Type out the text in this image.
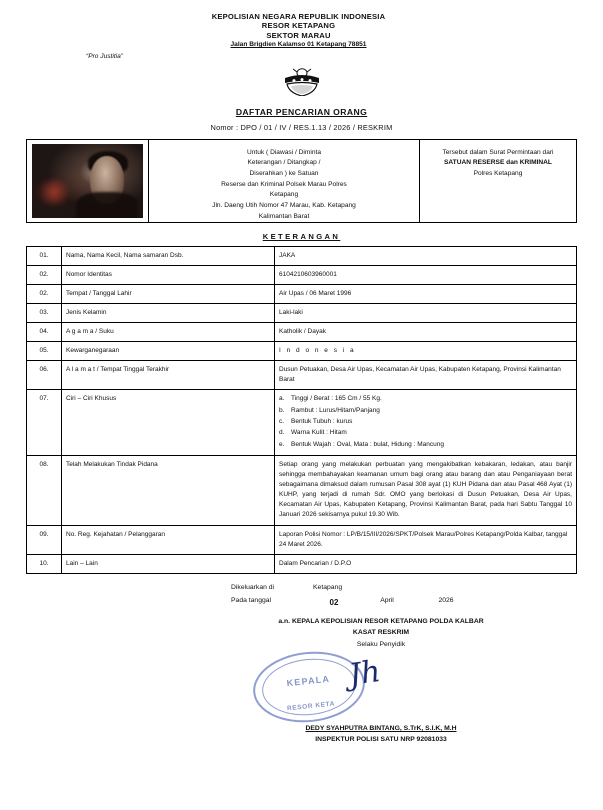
KEPOLISIAN NEGARA REPUBLIK INDONESIA
RESOR KETAPANG
SEKTOR MARAU
Jalan Brigdien Kalamso 01 Ketapang 78851
“Pro Justitia”
DAFTAR PENCARIAN ORANG
Nomor : DPO / 01 / IV / RES.1.13 / 2026 / RESKRIM
Untuk ( Diawasi / Diminta
Keterangan / Ditangkap /
Diserahkan ) ke Satuan
Reserse dan Kriminal Polsek Marau Polres
Ketapang
Jln. Daeng Utih Nomor 47 Marau, Kab. Ketapang
Kalimantan Barat
Tersebut dalam Surat Permintaan dari
SATUAN RESERSE dan KRIMINAL
Polres Ketapang
KETERANGAN
01.	Nama, Nama Kecil, Nama samaran Dsb.	JAKA
02.	Nomor Identitas	6104210603960001
02.	Tempat / Tanggal Lahir	Air Upas / 06 Maret 1996
03.	Jenis Kelamin	Laki-laki
04.	A g a m a / Suku	Katholik / Dayak
05.	Kewarganegaraan	I n d o n e s i a
06.	A l a m a t / Tempat Tinggal Terakhir	Dusun Petuakan, Desa Air Upas, Kecamatan Air Upas, Kabupaten Ketapang, Provinsi Kalimantan Barat
07.	Ciri – Ciri Khusus		a.	Tinggi / Berat : 165 Cm / 55 Kg.
b.	Rambut : Lurus/Hitam/Panjang
c.	Bentuk Tubuh : kurus
d.	Warna Kulit : Hitam
e.	Bentuk Wajah : Oval, Mata : bulat, Hidung : Mancung

08.	Telah Melakukan Tindak Pidana	Setiap orang yang melakukan perbuatan yang mengakibatkan kebakaran, ledakan, atau banjir sehingga membahayakan keamanan umum bagi orang atau barang dan atau Penganiayaan berat sebagaimana dimaksud dalam rumusan Pasal 308 ayat (1) KUH Pidana dan atau Pasal 468 Ayat (1) KUHP, yang terjadi di rumah Sdr. OMO yang berlokasi di Dusun Petuakan, Desa Air Upas, Kecamatan Air Upas, Kabupaten Ketapang, Provinsi Kalimantan Barat, pada hari Sabtu Tanggal 10 Januari 2026 sekisarnya pukul 19.30 Wib.
09.	No. Reg. Kejahatan / Pelanggaran	Laporan Polisi Nomor : LP/B/15/III/2026/SPKT/Polsek Marau/Polres Ketapang/Polda Kalbar, tanggal 24 Maret 2026.
10.	Lain – Lain	Dalam Pencarian / D.P.O
Dikeluarkan di	Ketapang
Pada tanggal	02	April	2026
a.n. KEPALA KEPOLISIAN RESOR KETAPANG POLDA KALBAR
KASAT RESKRIM
Selaku Penyidik
KEPALA
RESOR KETA
Jh
DEDY SYAHPUTRA BINTANG, S.TrK, S.I.K, M.H
INSPEKTUR POLISI SATU NRP 92081033
